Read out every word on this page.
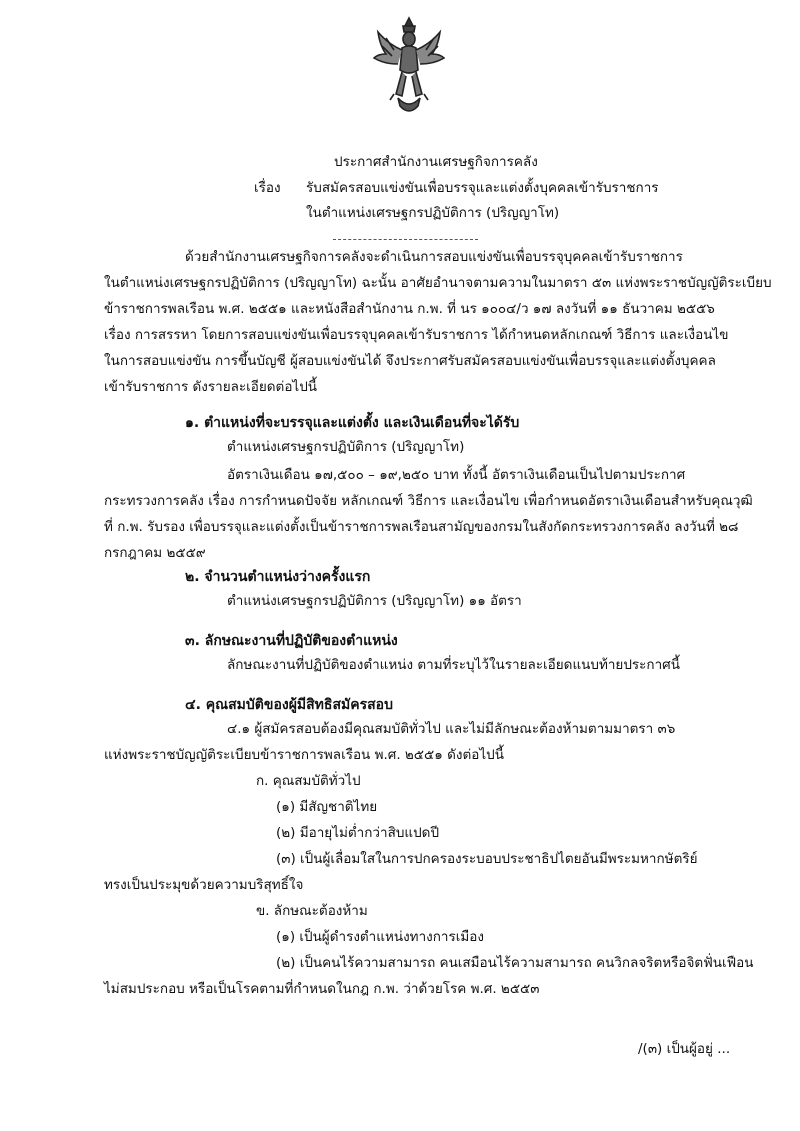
ประกาศสำนักงานเศรษฐกิจการคลัง
เรื่อง รับสมัครสอบแข่งขันเพื่อบรรจุและแต่งตั้งบุคคลเข้ารับราชการ
ในตำแหน่งเศรษฐกรปฏิบัติการ (ปริญญาโท)
ด้วยสำนักงานเศรษฐกิจการคลังจะดำเนินการสอบแข่งขันเพื่อบรรจุบุคคลเข้ารับราชการ
ในตำแหน่งเศรษฐกรปฏิบัติการ (ปริญญาโท) ฉะนั้น อาศัยอำนาจตามความในมาตรา ๕๓ แห่งพระราชบัญญัติระเบียบ
ข้าราชการพลเรือน พ.ศ. ๒๕๕๑ และหนังสือสำนักงาน ก.พ. ที่ นร ๑๐๐๔/ว ๑๗ ลงวันที่ ๑๑ ธันวาคม ๒๕๕๖
เรื่อง การสรรหา โดยการสอบแข่งขันเพื่อบรรจุบุคคลเข้ารับราชการ ได้กำหนดหลักเกณฑ์ วิธีการ และเงื่อนไข
ในการสอบแข่งขัน การขึ้นบัญชี ผู้สอบแข่งขันได้ จึงประกาศรับสมัครสอบแข่งขันเพื่อบรรจุและแต่งตั้งบุคคล
เข้ารับราชการ ดังรายละเอียดต่อไปนี้
๑. ตำแหน่งที่จะบรรจุและแต่งตั้ง และเงินเดือนที่จะได้รับ
ตำแหน่งเศรษฐกรปฏิบัติการ (ปริญญาโท)
อัตราเงินเดือน ๑๗,๕๐๐ – ๑๙,๒๕๐ บาท ทั้งนี้ อัตราเงินเดือนเป็นไปตามประกาศ
กระทรวงการคลัง เรื่อง การกำหนดปัจจัย หลักเกณฑ์ วิธีการ และเงื่อนไข เพื่อกำหนดอัตราเงินเดือนสำหรับคุณวุฒิ
ที่ ก.พ. รับรอง เพื่อบรรจุและแต่งตั้งเป็นข้าราชการพลเรือนสามัญของกรมในสังกัดกระทรวงการคลัง ลงวันที่ ๒๘
กรกฎาคม ๒๕๕๙
๒. จำนวนตำแหน่งว่างครั้งแรก
ตำแหน่งเศรษฐกรปฏิบัติการ (ปริญญาโท) ๑๑ อัตรา
๓. ลักษณะงานที่ปฏิบัติของตำแหน่ง
ลักษณะงานที่ปฏิบัติของตำแหน่ง ตามที่ระบุไว้ในรายละเอียดแนบท้ายประกาศนี้
๔. คุณสมบัติของผู้มีสิทธิสมัครสอบ
๔.๑ ผู้สมัครสอบต้องมีคุณสมบัติทั่วไป และไม่มีลักษณะต้องห้ามตามมาตรา ๓๖
แห่งพระราชบัญญัติระเบียบข้าราชการพลเรือน พ.ศ. ๒๕๕๑ ดังต่อไปนี้
ก. คุณสมบัติทั่วไป
(๑) มีสัญชาติไทย
(๒) มีอายุไม่ต่ำกว่าสิบแปดปี
(๓) เป็นผู้เลื่อมใสในการปกครองระบอบประชาธิปไตยอันมีพระมหากษัตริย์
ทรงเป็นประมุขด้วยความบริสุทธิ์ใจ
ข. ลักษณะต้องห้าม
(๑) เป็นผู้ดำรงตำแหน่งทางการเมือง
(๒) เป็นคนไร้ความสามารถ คนเสมือนไร้ความสามารถ คนวิกลจริตหรือจิตฟั่นเฟือน
ไม่สมประกอบ หรือเป็นโรคตามที่กำหนดในกฎ ก.พ. ว่าด้วยโรค พ.ศ. ๒๕๕๓
/(๓) เป็นผู้อยู่ ...
